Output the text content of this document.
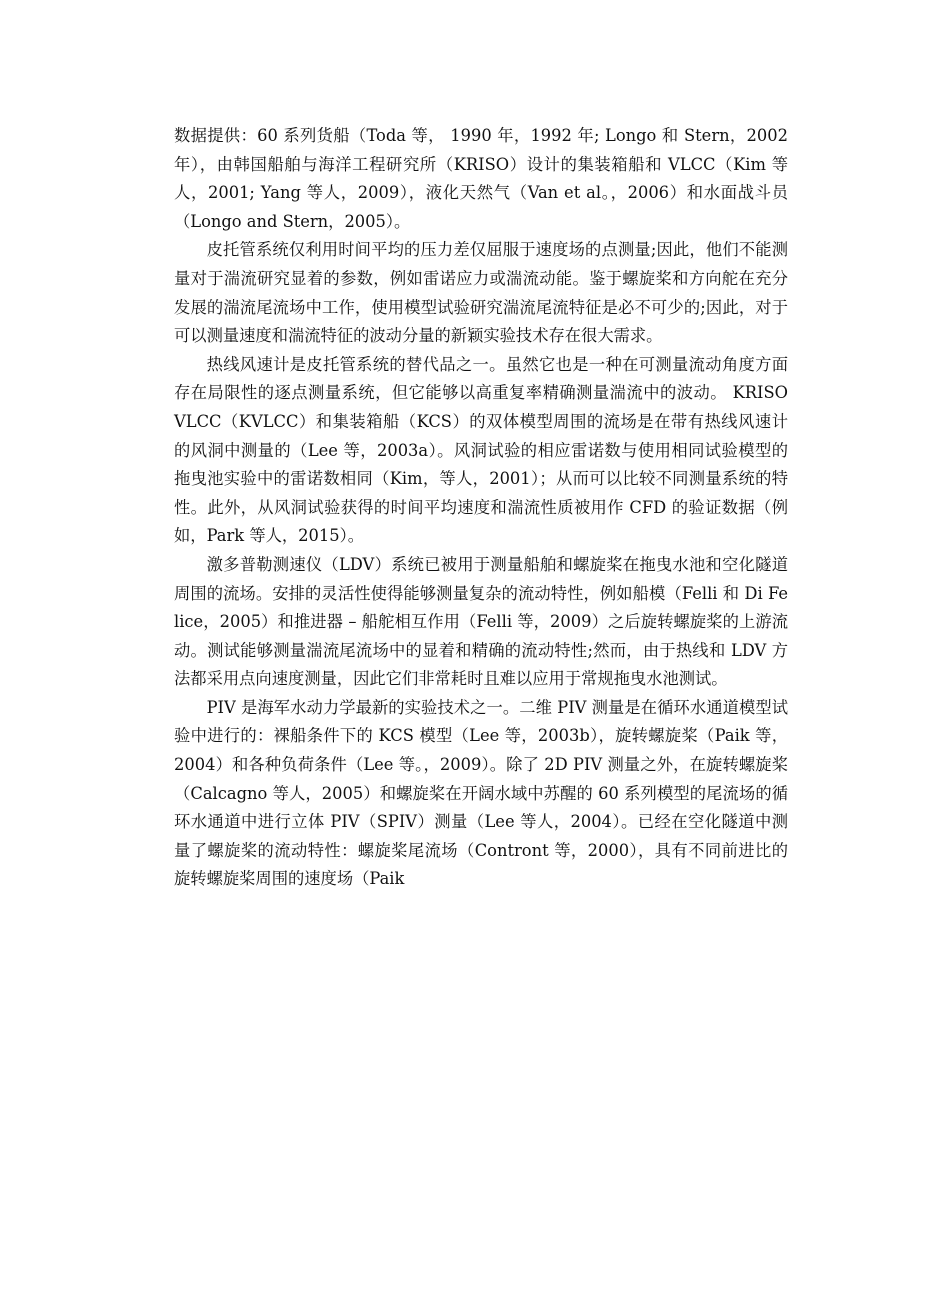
数据提供：60 系列货船（Toda 等， 1990 年，1992 年; Longo 和 Stern，2002 年），由韩国船舶与海洋工程研究所（KRISO）设计的集装箱船和 VLCC（Kim 等人，2001; Yang 等人，2009），液化天然气（Van et al。，2006）和水面战斗员（Longo and Stern，2005）。

皮托管系统仅利用时间平均的压力差仅屈服于速度场的点测量;因此，他们不能测量对于湍流研究显着的参数，例如雷诺应力或湍流动能。鉴于螺旋桨和方向舵在充分发展的湍流尾流场中工作，使用模型试验研究湍流尾流特征是必不可少的;因此，对于可以测量速度和湍流特征的波动分量的新颖实验技术存在很大需求。

热线风速计是皮托管系统的替代品之一。虽然它也是一种在可测量流动角度方面存在局限性的逐点测量系统，但它能够以高重复率精确测量湍流中的波动。 KRISO VLCC（KVLCC）和集装箱船（KCS）的双体模型周围的流场是在带有热线风速计的风洞中测量的（Lee 等，2003a）。风洞试验的相应雷诺数与使用相同试验模型的拖曳池实验中的雷诺数相同（Kim，等人，2001）；从而可以比较不同测量系统的特性。此外，从风洞试验获得的时间平均速度和湍流性质被用作 CFD 的验证数据（例如，Park 等人，2015）。

激多普勒测速仪（LDV）系统已被用于测量船舶和螺旋桨在拖曳水池和空化隧道周围的流场。安排的灵活性使得能够测量复杂的流动特性，例如船模（Felli 和 Di Felice，2005）和推进器 – 船舵相互作用（Felli 等，2009）之后旋转螺旋桨的上游流动。测试能够测量湍流尾流场中的显着和精确的流动特性;然而，由于热线和 LDV 方法都采用点向速度测量，因此它们非常耗时且难以应用于常规拖曳水池测试。

PIV 是海军水动力学最新的实验技术之一。二维 PIV 测量是在循环水通道模型试验中进行的：裸船条件下的 KCS 模型（Lee 等，2003b），旋转螺旋桨（Paik 等，2004）和各种负荷条件（Lee 等。，2009）。除了 2D PIV 测量之外，在旋转螺旋桨（Calcagno 等人，2005）和螺旋桨在开阔水域中苏醒的 60 系列模型的尾流场的循环水通道中进行立体 PIV（SPIV）测量（Lee 等人，2004）。已经在空化隧道中测量了螺旋桨的流动特性：螺旋桨尾流场（Contront 等，2000），具有不同前进比的旋转螺旋桨周围的速度场（Paik
